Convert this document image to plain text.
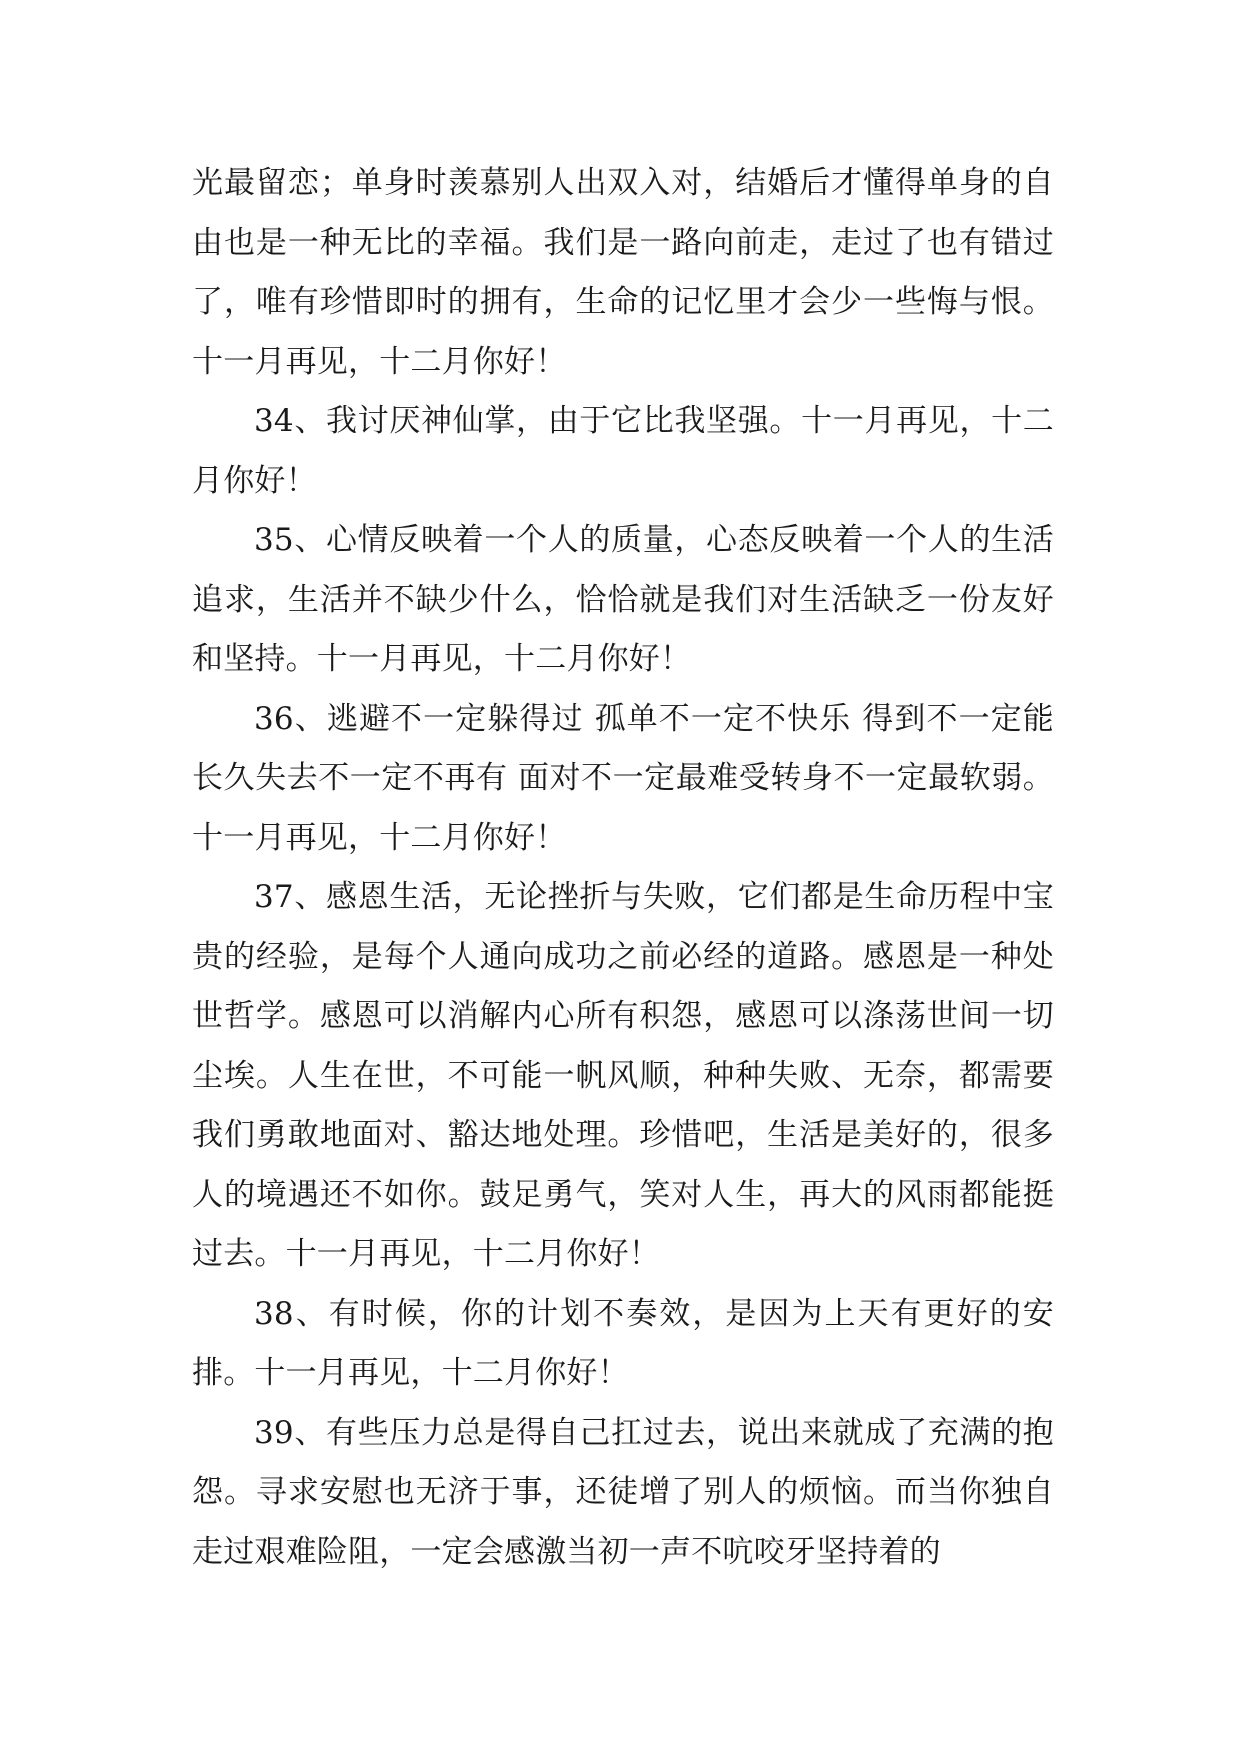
光最留恋；单身时羡慕别人出双入对，结婚后才懂得单身的自由也是一种无比的幸福。我们是一路向前走，走过了也有错过了，唯有珍惜即时的拥有，生命的记忆里才会少一些悔与恨。十一月再见，十二月你好！

34、我讨厌神仙掌，由于它比我坚强。十一月再见，十二月你好！

35、心情反映着一个人的质量，心态反映着一个人的生活追求，生活并不缺少什么，恰恰就是我们对生活缺乏一份友好和坚持。十一月再见，十二月你好！

36、逃避不一定躲得过 孤单不一定不快乐 得到不一定能长久失去不一定不再有 面对不一定最难受转身不一定最软弱。十一月再见，十二月你好！

37、感恩生活，无论挫折与失败，它们都是生命历程中宝贵的经验，是每个人通向成功之前必经的道路。感恩是一种处世哲学。感恩可以消解内心所有积怨，感恩可以涤荡世间一切尘埃。人生在世，不可能一帆风顺，种种失败、无奈，都需要我们勇敢地面对、豁达地处理。珍惜吧，生活是美好的，很多人的境遇还不如你。鼓足勇气，笑对人生，再大的风雨都能挺过去。十一月再见，十二月你好！

38、有时候，你的计划不奏效，是因为上天有更好的安排。十一月再见，十二月你好！

39、有些压力总是得自己扛过去，说出来就成了充满的抱怨。寻求安慰也无济于事，还徒增了别人的烦恼。而当你独自走过艰难险阻，一定会感激当初一声不吭咬牙坚持着的
